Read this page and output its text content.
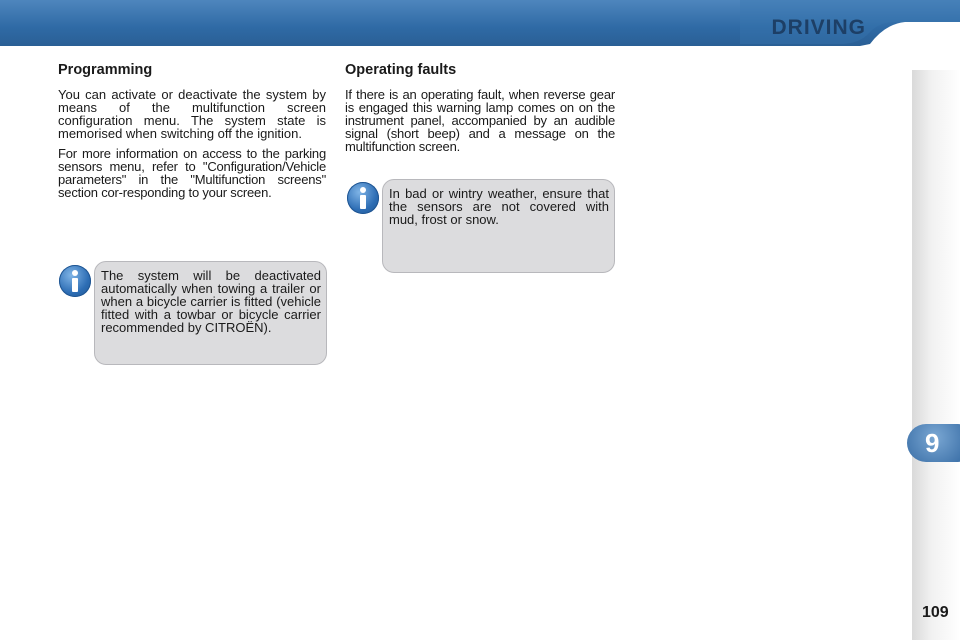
DRIVING
9
109
Programming

You can activate or deactivate the system by means of the multifunction screen configuration menu. The system state is memorised when switching off the ignition.

For more information on access to the parking sensors menu, refer to "Configuration/Vehicle parameters" in the "Multifunction screens" section cor-responding to your screen.

The system will be deactivated automatically when towing a trailer or when a bicycle carrier is fitted (vehicle fitted with a towbar or bicycle carrier recommended by CITROËN).

Operating faults

If there is an operating fault, when reverse gear is engaged this warning lamp comes on on the instrument panel, accompanied by an audible signal (short beep) and a message on the multifunction screen.

In bad or wintry weather, ensure that the sensors are not covered with mud, frost or snow.
